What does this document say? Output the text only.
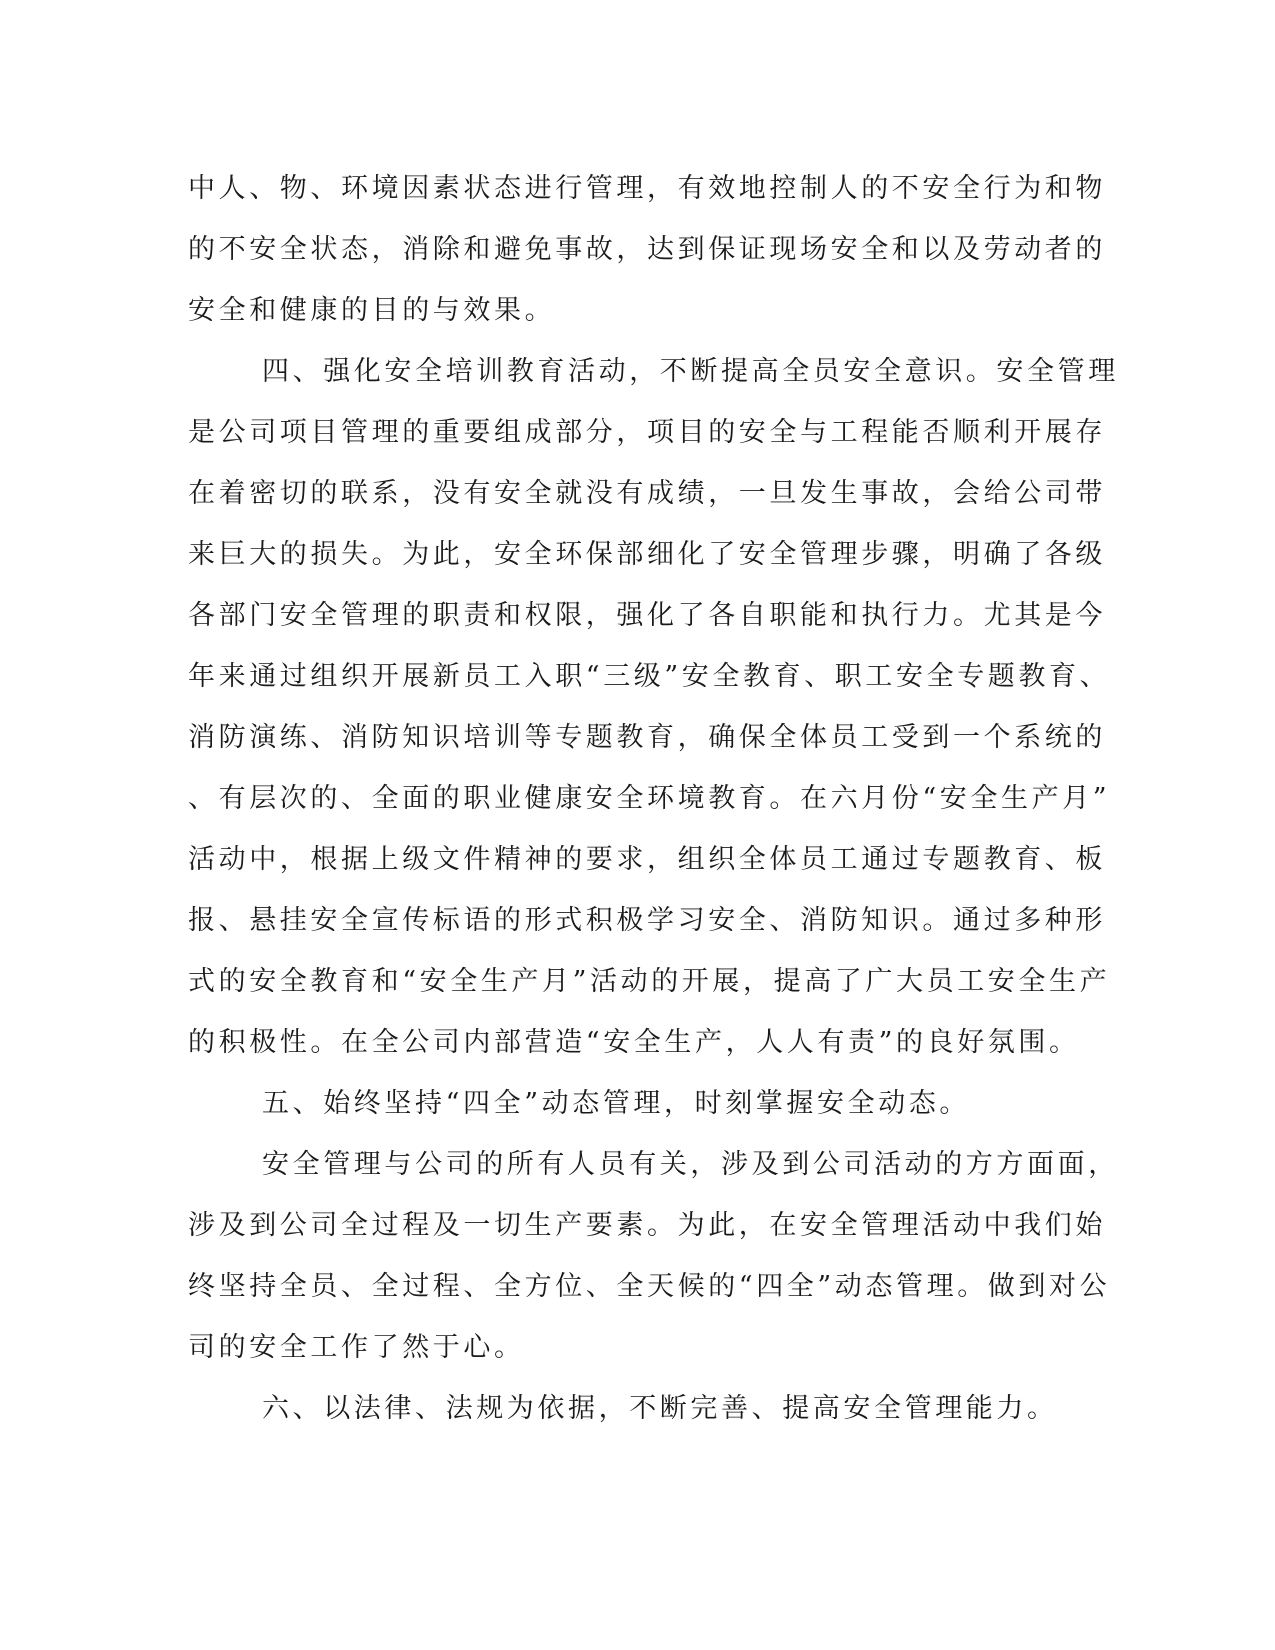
中人、物、环境因素状态进行管理，有效地控制人的不安全行为和物
的不安全状态，消除和避免事故，达到保证现场安全和以及劳动者的
安全和健康的目的与效果。
四、强化安全培训教育活动，不断提高全员安全意识。安全管理
是公司项目管理的重要组成部分，项目的安全与工程能否顺利开展存
在着密切的联系，没有安全就没有成绩，一旦发生事故，会给公司带
来巨大的损失。为此，安全环保部细化了安全管理步骤，明确了各级
各部门安全管理的职责和权限，强化了各自职能和执行力。尤其是今
年来通过组织开展新员工入职“三级”安全教育、职工安全专题教育、
消防演练、消防知识培训等专题教育，确保全体员工受到一个系统的
、有层次的、全面的职业健康安全环境教育。在六月份“安全生产月”
活动中，根据上级文件精神的要求，组织全体员工通过专题教育、板
报、悬挂安全宣传标语的形式积极学习安全、消防知识。通过多种形
式的安全教育和“安全生产月”活动的开展，提高了广大员工安全生产
的积极性。在全公司内部营造“安全生产，人人有责”的良好氛围。
五、始终坚持“四全”动态管理，时刻掌握安全动态。
安全管理与公司的所有人员有关，涉及到公司活动的方方面面，
涉及到公司全过程及一切生产要素。为此，在安全管理活动中我们始
终坚持全员、全过程、全方位、全天候的“四全”动态管理。做到对公
司的安全工作了然于心。
六、以法律、法规为依据，不断完善、提高安全管理能力。
